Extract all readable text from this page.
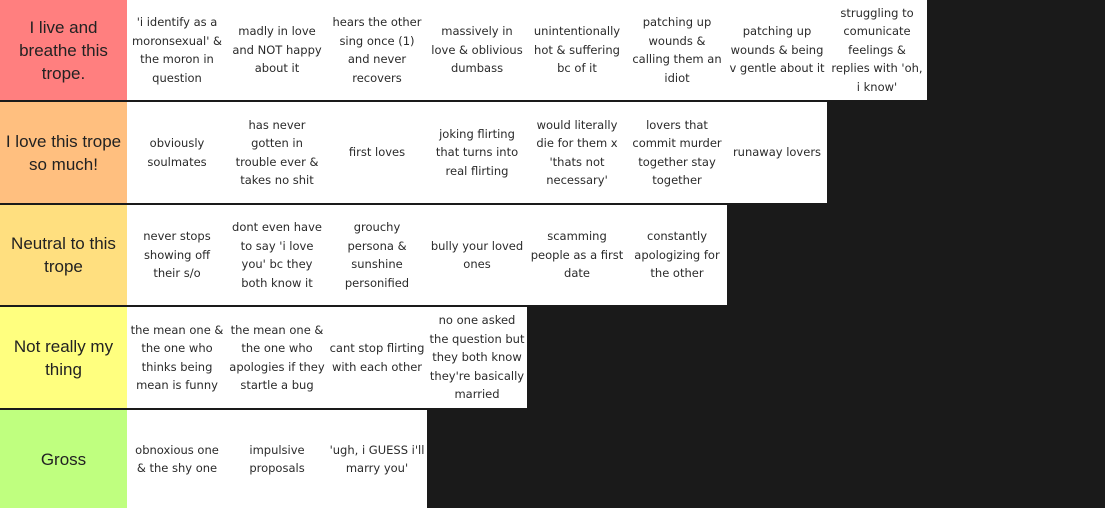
I live and breathe this trope.
'i identify as a moronsexual' & the moron in question
madly in love and NOT happy about it
hears the other sing once (1) and never recovers
massively in love & oblivious dumbass
unintentionally hot & suffering bc of it
patching up wounds & calling them an idiot
patching up wounds & being v gentle about it
struggling to comunicate feelings & replies with 'oh, i know'
I love this trope so much!
obviously soulmates
has never gotten in trouble ever & takes no shit
first loves
joking flirting that turns into real flirting
would literally die for them x 'thats not necessary'
lovers that commit murder together stay together
runaway lovers
Neutral to this trope
never stops showing off their s/o
dont even have to say 'i love you' bc they both know it
grouchy persona & sunshine personified
bully your loved ones
scamming people as a first date
constantly apologizing for the other
Not really my thing
the mean one & the one who thinks being mean is funny
the mean one & the one who apologies if they startle a bug
cant stop flirting with each other
no one asked the question but they both know they're basically married
Gross	obnoxious one & the shy one
impulsive proposals
'ugh, i GUESS i'll marry you'
